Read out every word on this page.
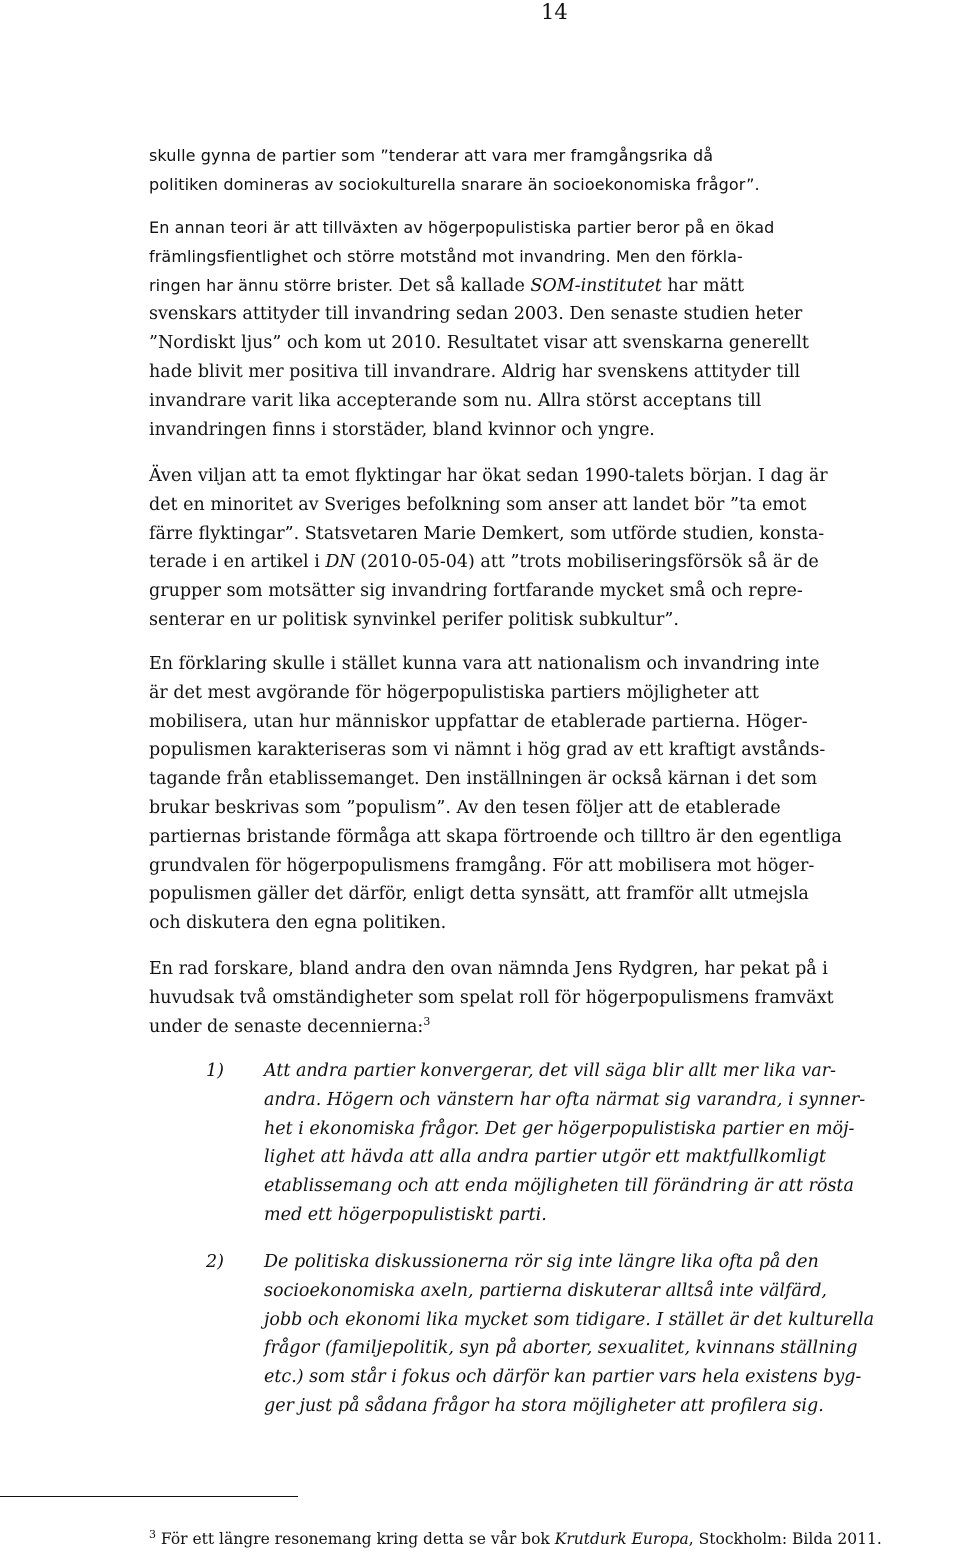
14

skulle gynna de partier som ”tenderar att vara mer framgångsrika då

politiken domineras av sociokulturella snarare än socioekonomiska frågor”.

En annan teori är att tillväxten av högerpopulistiska partier beror på en ökad

främlingsfientlighet och större motstånd mot invandring. Men den förkla-

ringen har ännu större brister. Det så kallade SOM-institutet har mätt

svenskars attityder till invandring sedan 2003. Den senaste studien heter

”Nordiskt ljus” och kom ut 2010. Resultatet visar att svenskarna generellt

hade blivit mer positiva till invandrare. Aldrig har svenskens attityder till

invandrare varit lika accepterande som nu. Allra störst acceptans till

invandringen finns i storstäder, bland kvinnor och yngre.

Även viljan att ta emot flyktingar har ökat sedan 1990-talets början. I dag är

det en minoritet av Sveriges befolkning som anser att landet bör ”ta emot

färre flyktingar”. Statsvetaren Marie Demkert, som utförde studien, konsta-

terade i en artikel i DN (2010-05-04) att ”trots mobiliseringsförsök så är de

grupper som motsätter sig invandring fortfarande mycket små och repre-

senterar en ur politisk synvinkel perifer politisk subkultur”.

En förklaring skulle i stället kunna vara att nationalism och invandring inte

är det mest avgörande för högerpopulistiska partiers möjligheter att

mobilisera, utan hur människor uppfattar de etablerade partierna. Höger-

populismen karakteriseras som vi nämnt i hög grad av ett kraftigt avstånds-

tagande från etablissemanget. Den inställningen är också kärnan i det som

brukar beskrivas som ”populism”. Av den tesen följer att de etablerade

partiernas bristande förmåga att skapa förtroende och tilltro är den egentliga

grundvalen för högerpopulismens framgång. För att mobilisera mot höger-

populismen gäller det därför, enligt detta synsätt, att framför allt utmejsla

och diskutera den egna politiken.

En rad forskare, bland andra den ovan nämnda Jens Rydgren, har pekat på i

huvudsak två omständigheter som spelat roll för högerpopulismens framväxt

under de senaste decennierna:$^3$

1) Att andra partier konvergerar, det vill säga blir allt mer lika var-
andra. Högern och vänstern har ofta närmat sig varandra, i synner-
het i ekonomiska frågor. Det ger högerpopulistiska partier en möj-
lighet att hävda att alla andra partier utgör ett maktfullkomligt
etablissemang och att enda möjligheten till förändring är att rösta
med ett högerpopulistiskt parti.
2) De politiska diskussionerna rör sig inte längre lika ofta på den
socioekonomiska axeln, partierna diskuterar alltså inte välfärd,
jobb och ekonomi lika mycket som tidigare. I stället är det kulturella
frågor (familjepolitik, syn på aborter, sexualitet, kvinnans ställning
etc.) som står i fokus och därför kan partier vars hela existens byg-
ger just på sådana frågor ha stora möjligheter att profilera sig.
$^3$ För ett längre resonemang kring detta se vår bok Krutdurk Europa, Stockholm: Bilda 2011.
